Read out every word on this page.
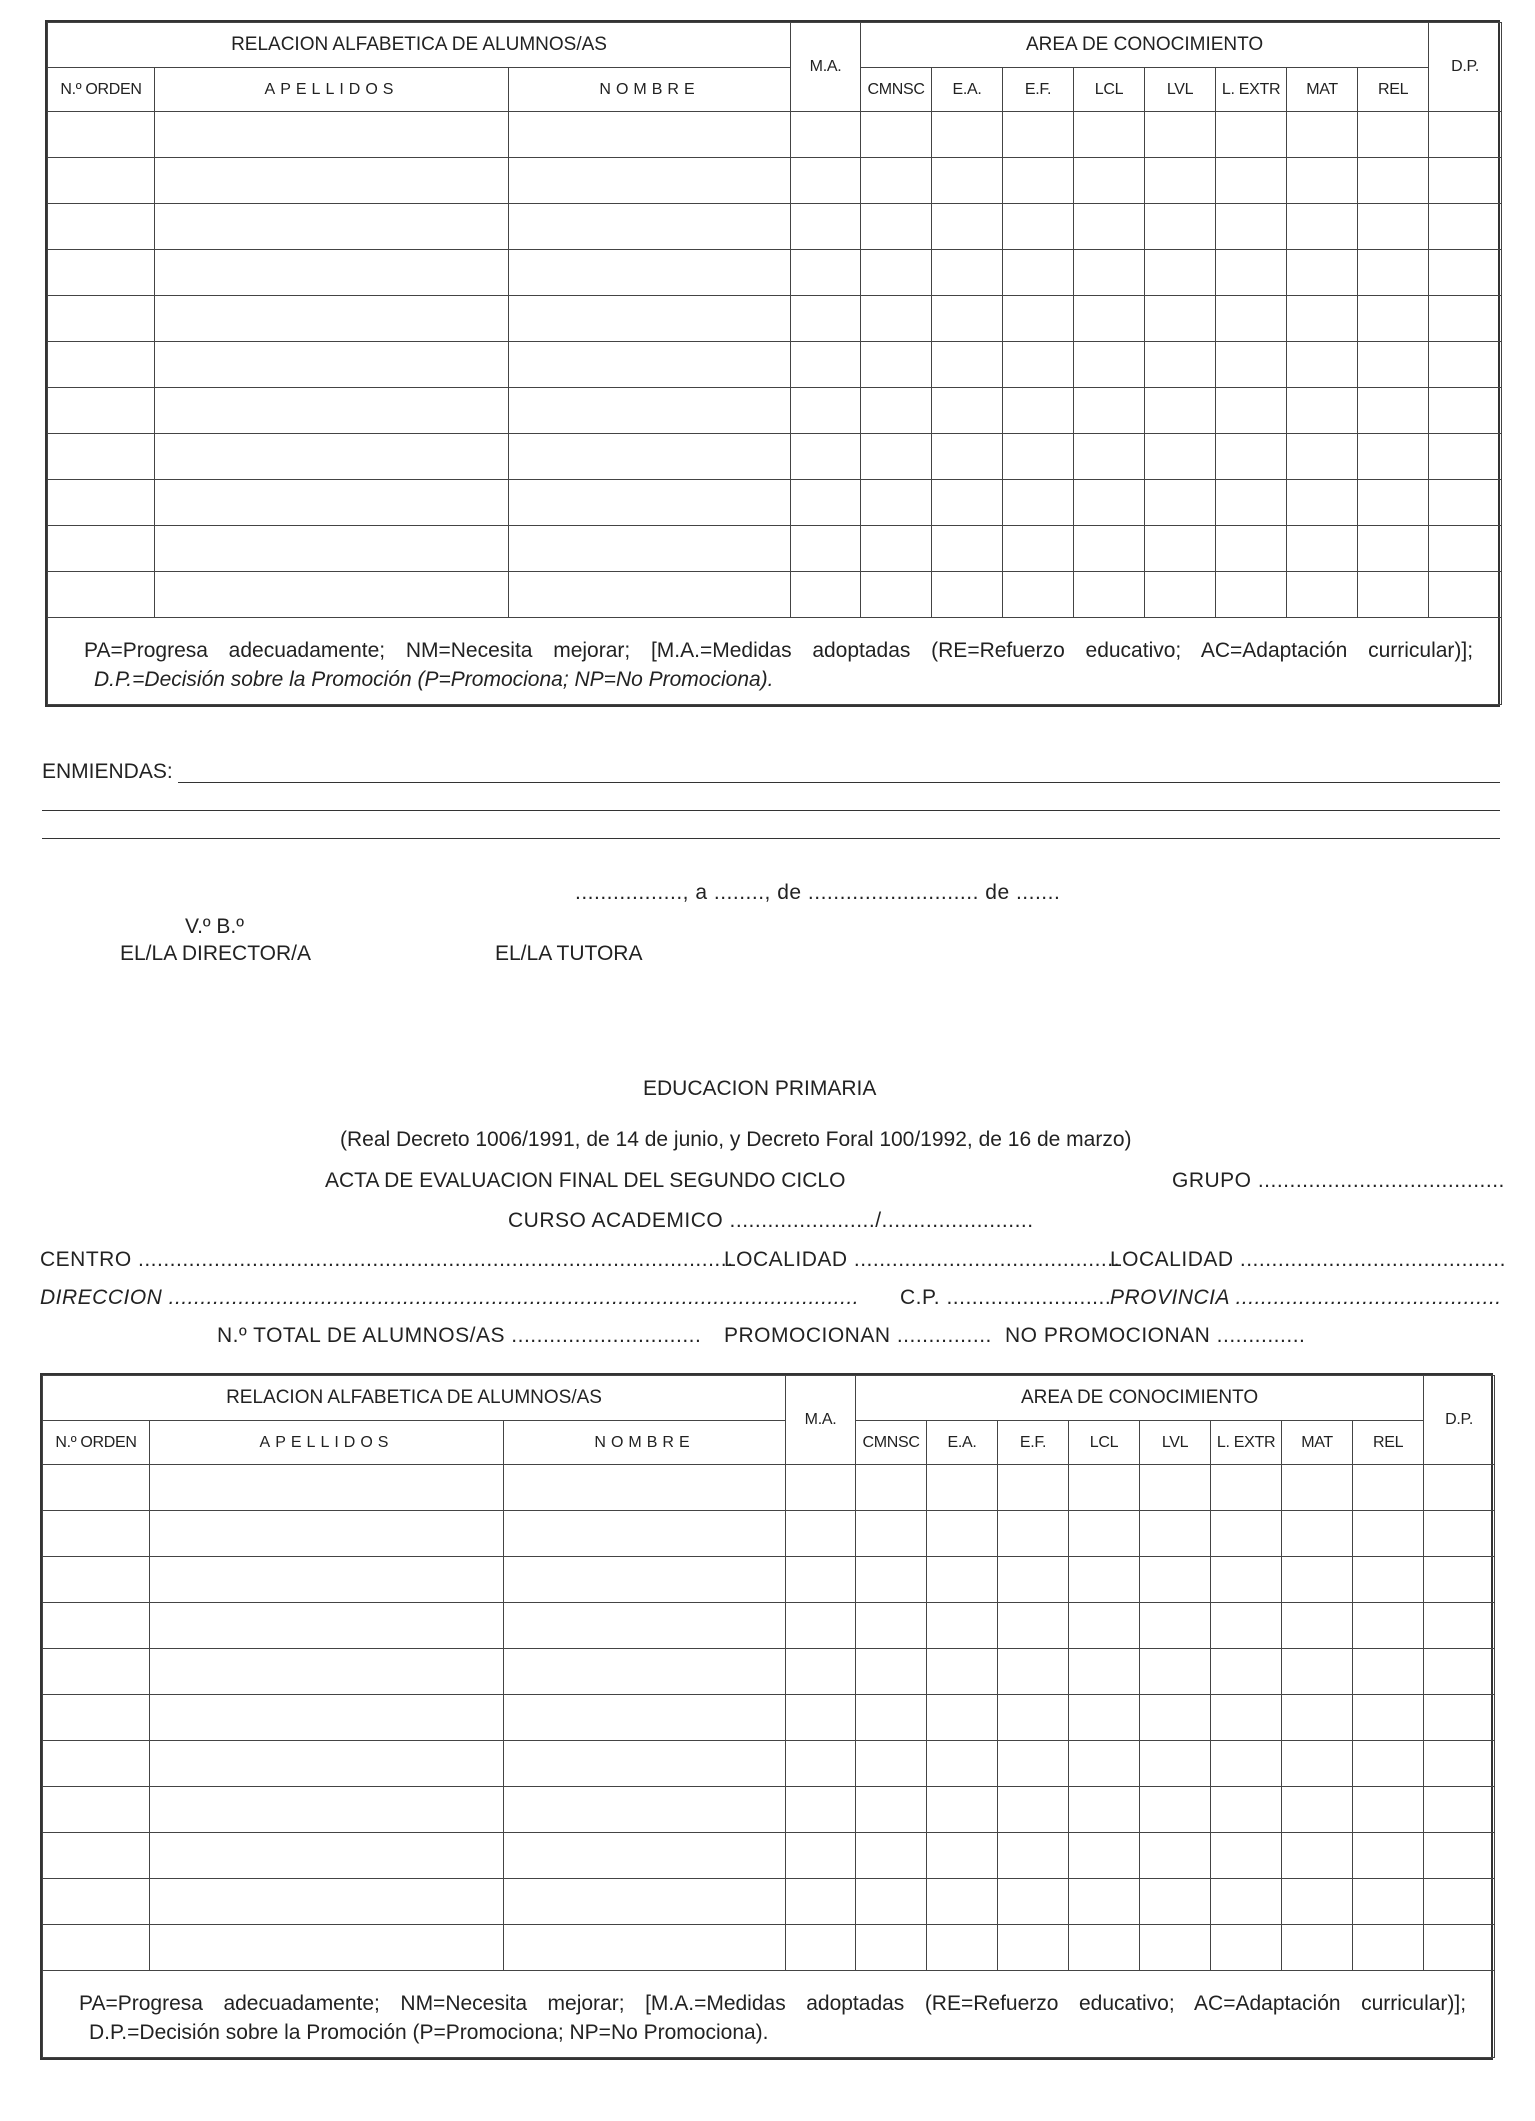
RELACION ALFABETICA DE ALUMNOS/AS			M.A.	AREA DE CONOCIMIENTO								D.P.
N.º ORDEN	APELLIDOS	NOMBRE		CMNSC	E.A.	E.F.	LCL	LVL	L. EXTR	MAT	REL	

PA=Progresa adecuadamente; NM=Necesita mejorar; [M.A.=Medidas adoptadas (RE=Refuerzo educativo; AC=Adaptación curricular)];
D.P.=Decisión sobre la Promoción (P=Promociona; NP=No Promociona).												
ENMIENDAS:
................., a ........, de ........................... de .......
V.º B.º
EL/LA DIRECTOR/A	EL/LA TUTORA
EDUCACION PRIMARIA
(Real Decreto 1006/1991, de 14 de junio, y Decreto Foral 100/1992, de 16 de marzo)
ACTA DE EVALUACION FINAL DEL SEGUNDO CICLO	GRUPO .......................................
CURSO ACADEMICO ......................./........................
CENTRO ..............................................................................................
LOCALIDAD ..........................................
LOCALIDAD ..........................................
DIRECCION ............................................................................................................. C.P. ..........................
PROVINCIA ..........................................
N.º TOTAL DE ALUMNOS/AS .............................. PROMOCIONAN ............... NO PROMOCIONAN ..............
RELACION ALFABETICA DE ALUMNOS/AS			M.A.	AREA DE CONOCIMIENTO								D.P.
N.º ORDEN	APELLIDOS	NOMBRE		CMNSC	E.A.	E.F.	LCL	LVL	L. EXTR	MAT	REL	

PA=Progresa adecuadamente; NM=Necesita mejorar; [M.A.=Medidas adoptadas (RE=Refuerzo educativo; AC=Adaptación curricular)];
D.P.=Decisión sobre la Promoción (P=Promociona; NP=No Promociona).												
